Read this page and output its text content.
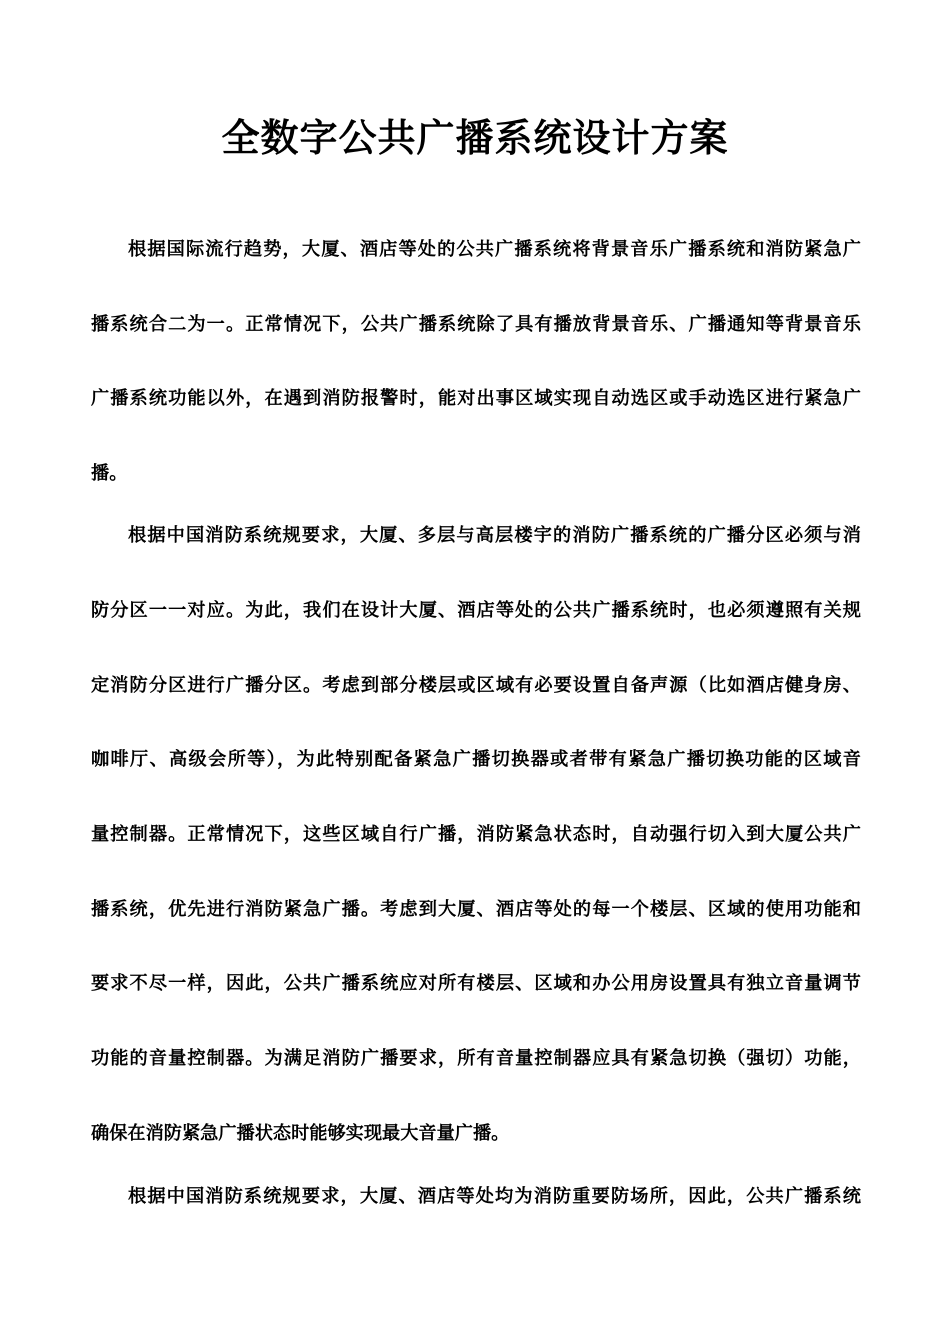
全数字公共广播系统设计方案
根据国际流行趋势，大厦、酒店等处的公共广播系统将背景音乐广播系统和消防紧急广
播系统合二为一。正常情况下，公共广播系统除了具有播放背景音乐、广播通知等背景音乐
广播系统功能以外，在遇到消防报警时，能对出事区域实现自动选区或手动选区进行紧急广
播。
根据中国消防系统规要求，大厦、多层与高层楼宇的消防广播系统的广播分区必须与消
防分区一一对应。为此，我们在设计大厦、酒店等处的公共广播系统时，也必须遵照有关规
定消防分区进行广播分区。考虑到部分楼层或区域有必要设置自备声源（比如酒店健身房、
咖啡厅、高级会所等），为此特别配备紧急广播切换器或者带有紧急广播切换功能的区域音
量控制器。正常情况下，这些区域自行广播，消防紧急状态时，自动强行切入到大厦公共广
播系统，优先进行消防紧急广播。考虑到大厦、酒店等处的每一个楼层、区域的使用功能和
要求不尽一样，因此，公共广播系统应对所有楼层、区域和办公用房设置具有独立音量调节
功能的音量控制器。为满足消防广播要求，所有音量控制器应具有紧急切换（强切）功能，
确保在消防紧急广播状态时能够实现最大音量广播。
根据中国消防系统规要求，大厦、酒店等处均为消防重要防场所，因此，公共广播系统
